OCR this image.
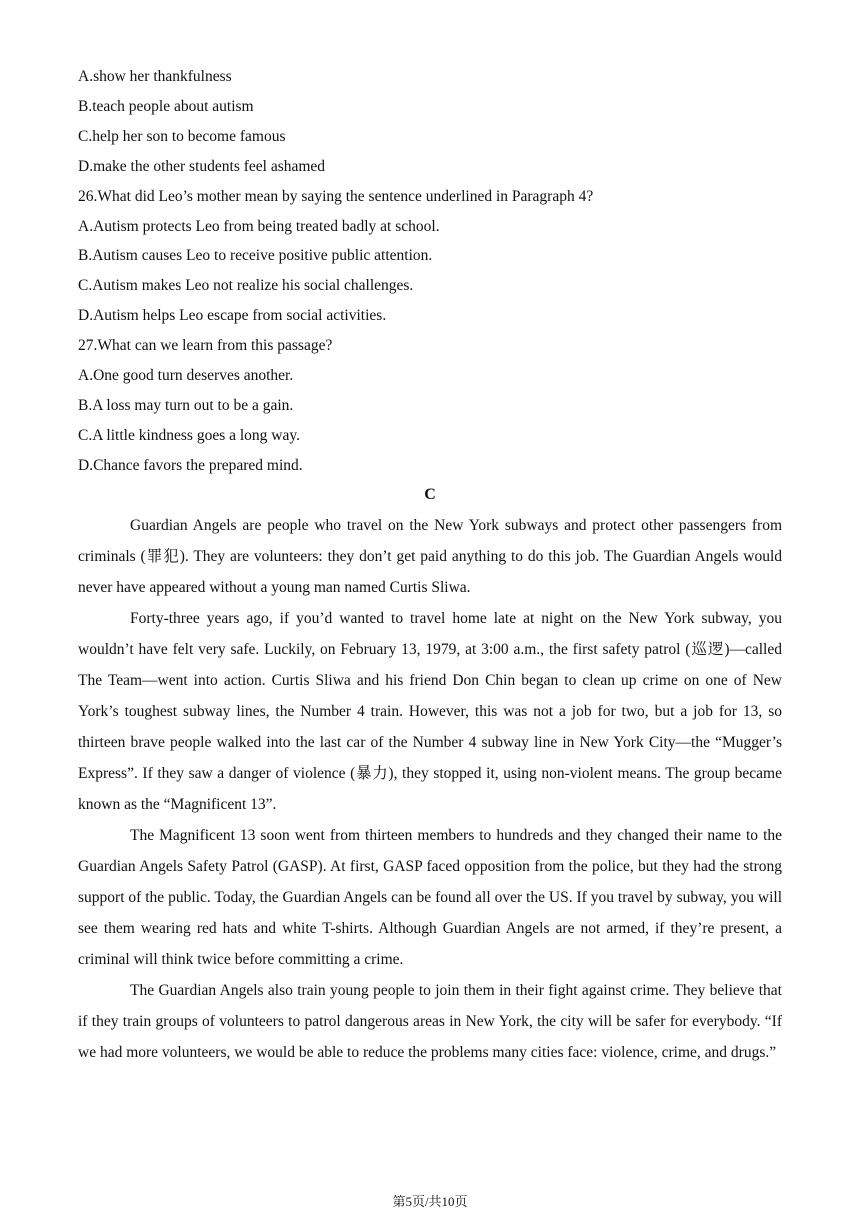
A.show her thankfulness
B.teach people about autism
C.help her son to become famous
D.make the other students feel ashamed
26.What did Leo’s mother mean by saying the sentence underlined in Paragraph 4?
A.Autism protects Leo from being treated badly at school.
B.Autism causes Leo to receive positive public attention.
C.Autism makes Leo not realize his social challenges.
D.Autism helps Leo escape from social activities.
27.What can we learn from this passage?
A.One good turn deserves another.
B.A loss may turn out to be a gain.
C.A little kindness goes a long way.
D.Chance favors the prepared mind.
C

Guardian Angels are people who travel on the New York subways and protect other passengers from criminals (罪犯). They are volunteers: they don’t get paid anything to do this job. The Guardian Angels would never have appeared without a young man named Curtis Sliwa.

Forty-three years ago, if you’d wanted to travel home late at night on the New York subway, you wouldn’t have felt very safe. Luckily, on February 13, 1979, at 3:00 a.m., the first safety patrol (巡逻)—called The Team—went into action. Curtis Sliwa and his friend Don Chin began to clean up crime on one of New York’s toughest subway lines, the Number 4 train. However, this was not a job for two, but a job for 13, so thirteen brave people walked into the last car of the Number 4 subway line in New York City—the “Mugger’s Express”. If they saw a danger of violence (暴力), they stopped it, using non-violent means. The group became known as the “Magnificent 13”.

The Magnificent 13 soon went from thirteen members to hundreds and they changed their name to the Guardian Angels Safety Patrol (GASP). At first, GASP faced opposition from the police, but they had the strong support of the public. Today, the Guardian Angels can be found all over the US. If you travel by subway, you will see them wearing red hats and white T-shirts. Although Guardian Angels are not armed, if they’re present, a criminal will think twice before committing a crime.

The Guardian Angels also train young people to join them in their fight against crime. They believe that if they train groups of volunteers to patrol dangerous areas in New York, the city will be safer for everybody. “If we had more volunteers, we would be able to reduce the problems many cities face: violence, crime, and drugs.”

第5页/共10页
